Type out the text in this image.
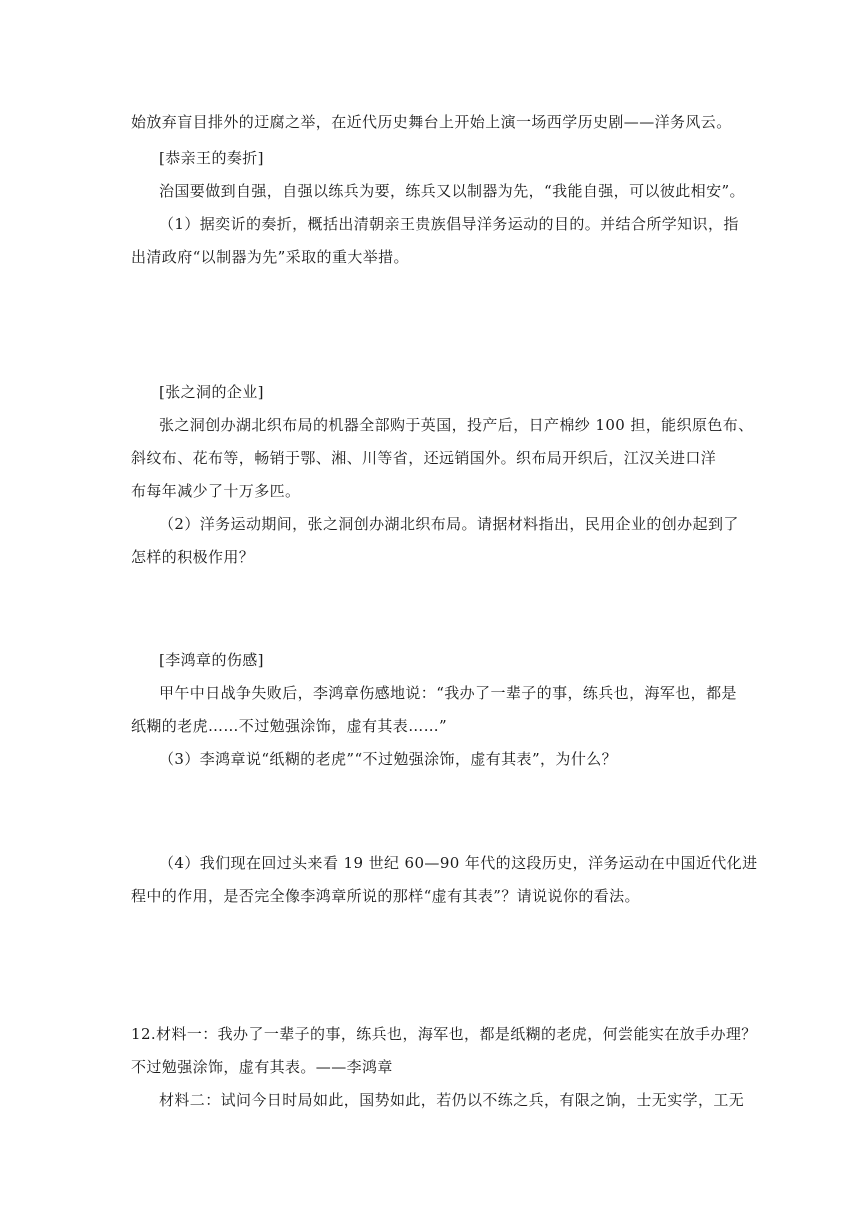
始放弃盲目排外的迂腐之举，在近代历史舞台上开始上演一场西学历史剧——洋务风云。
[恭亲王的奏折]
治国要做到自强，自强以练兵为要，练兵又以制器为先，“我能自强，可以彼此相安”。
（1）据奕䜣的奏折，概括出清朝亲王贵族倡导洋务运动的目的。并结合所学知识，指
出清政府“以制器为先”采取的重大举措。
[张之洞的企业]
张之洞创办湖北织布局的机器全部购于英国，投产后，日产棉纱 100 担，能织原色布、
斜纹布、花布等，畅销于鄂、湘、川等省，还远销国外。织布局开织后，江汉关进口洋
布每年减少了十万多匹。
（2）洋务运动期间，张之洞创办湖北织布局。请据材料指出，民用企业的创办起到了
怎样的积极作用？
[李鸿章的伤感]
甲午中日战争失败后，李鸿章伤感地说：“我办了一辈子的事，练兵也，海军也，都是
纸糊的老虎……不过勉强涂饰，虚有其表……”
（3）李鸿章说“纸糊的老虎”“不过勉强涂饰，虚有其表”，为什么？
（4）我们现在回过头来看 19 世纪 60—90 年代的这段历史，洋务运动在中国近代化进
程中的作用，是否完全像李鸿章所说的那样“虚有其表”？请说说你的看法。
12.材料一：我办了一辈子的事，练兵也，海军也，都是纸糊的老虎，何尝能实在放手办理？
不过勉强涂饰，虚有其表。——李鸿章
材料二：试问今日时局如此，国势如此，若仍以不练之兵，有限之饷，士无实学，工无
